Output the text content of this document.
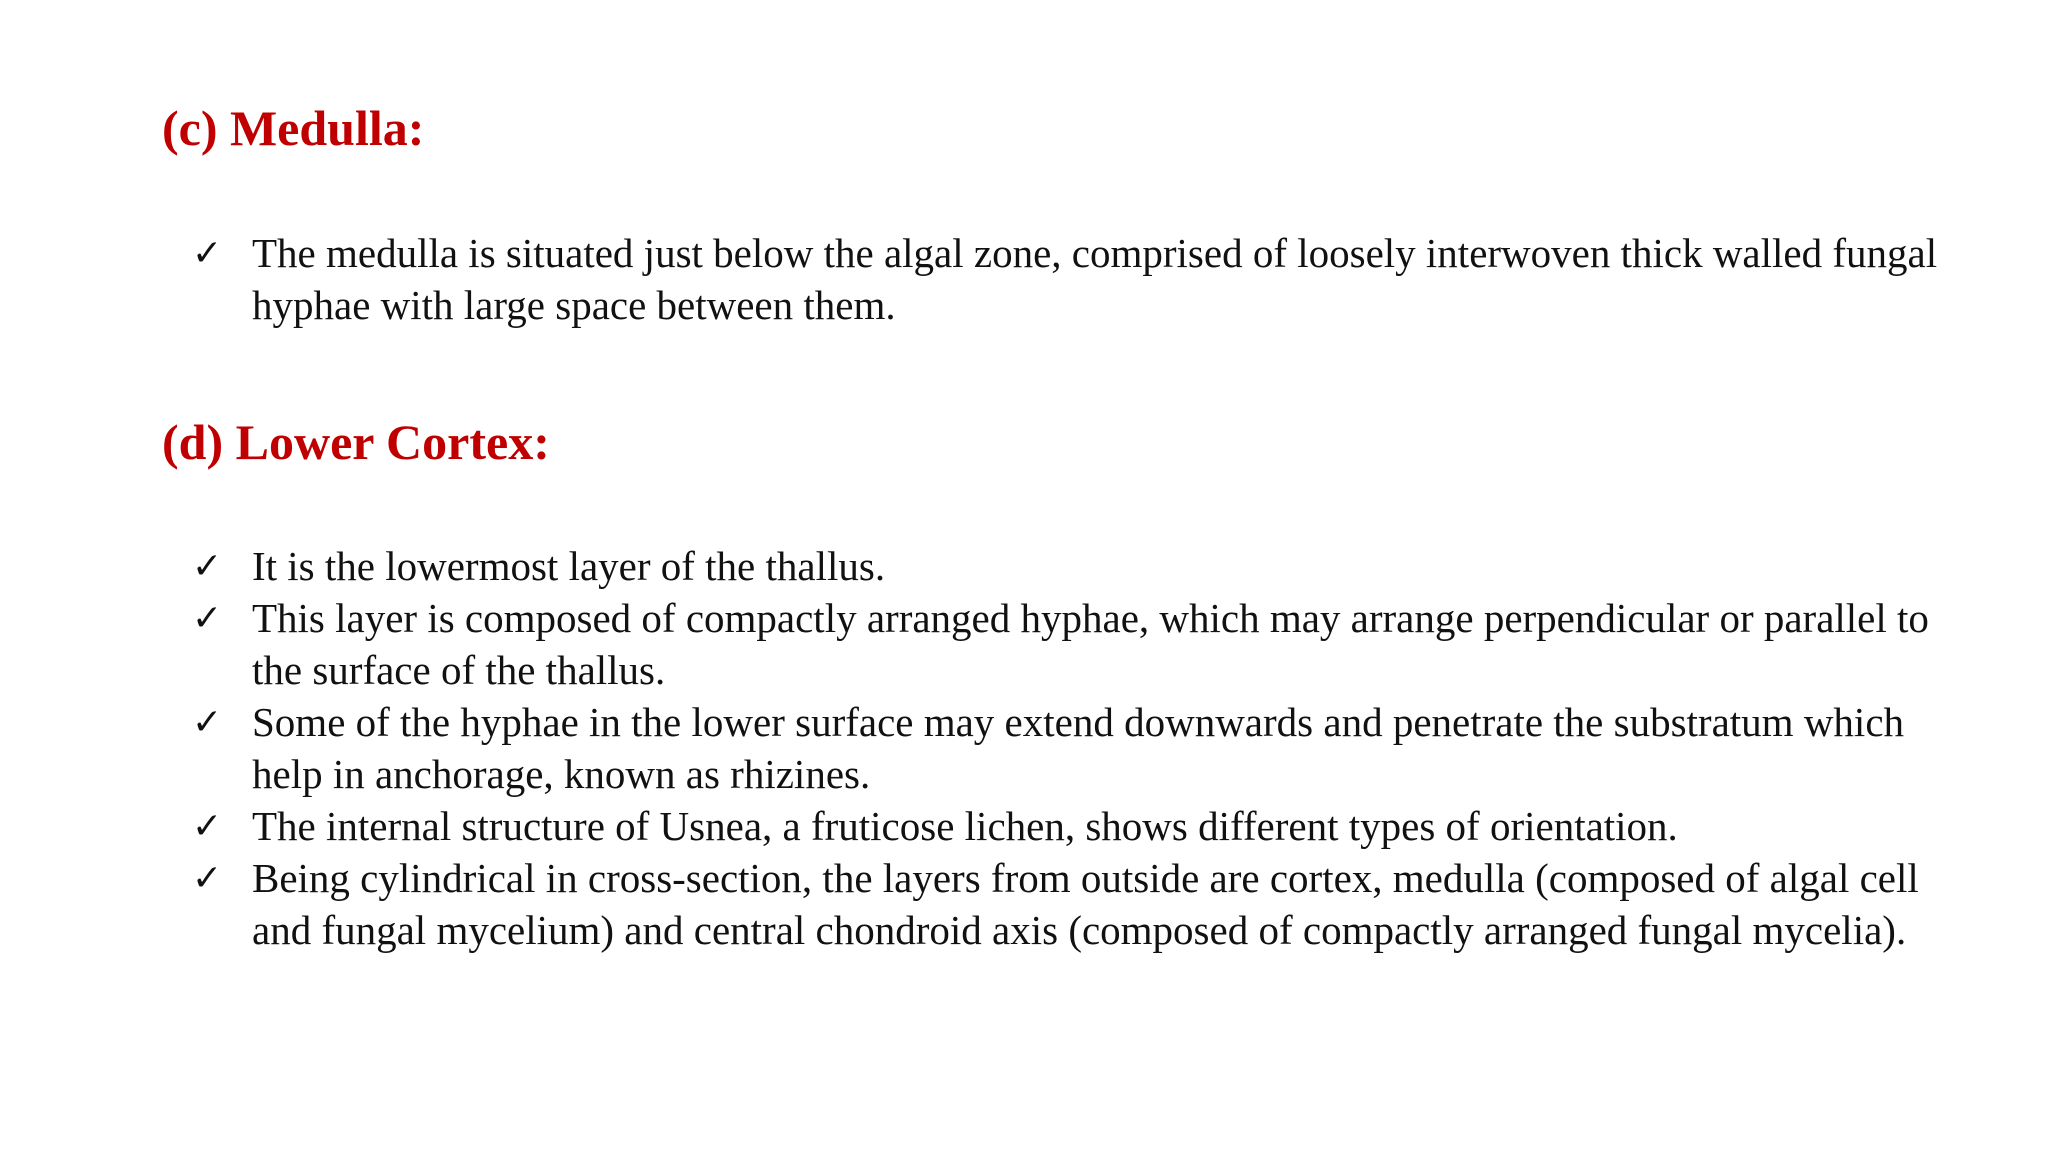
(c) Medulla:
✓ The medulla is situated just below the algal zone, comprised of loosely interwoven thick walled fungal hyphae with large space between them.
(d) Lower Cortex:
✓ It is the lowermost layer of the thallus.
✓ This layer is composed of compactly arranged hyphae, which may arrange perpendicular or parallel to the surface of the thallus.
✓ Some of the hyphae in the lower surface may extend downwards and penetrate the substratum which help in anchorage, known as rhizines.
✓ The internal structure of Usnea, a fruticose lichen, shows different types of orientation.
✓ Being cylindrical in cross-section, the layers from outside are cortex, medulla (composed of algal cell and fungal mycelium) and central chondroid axis (composed of compactly arranged fungal mycelia).
